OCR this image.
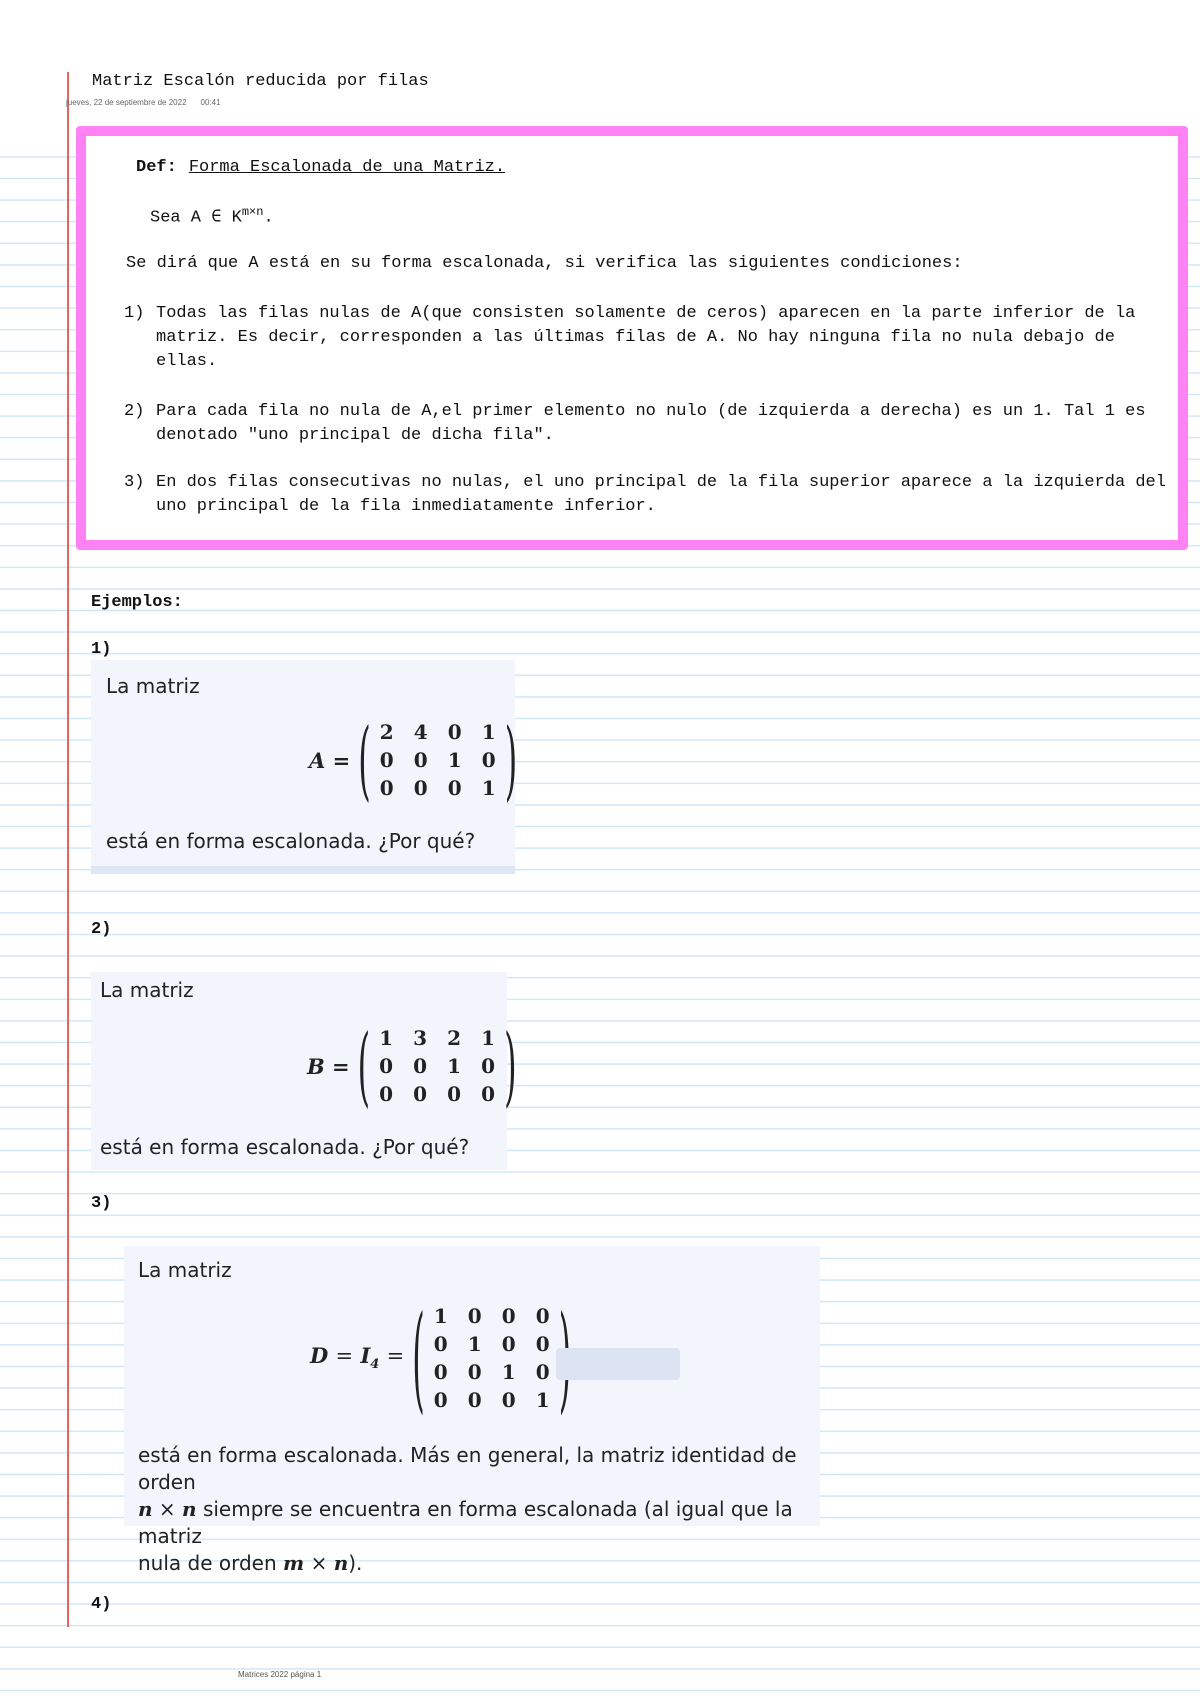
Matriz Escalón reducida por filas
jueves, 22 de septiembre de 2022 00:41
Def: Forma Escalonada de una Matriz.
Sea A ∈ $K^{m\times n}$.
Se dirá que A está en su forma escalonada, si verifica las siguientes condiciones:
1) Todas las filas nulas de A(que consisten solamente de ceros) aparecen en la parte inferior de la matriz. Es decir, corresponden a las últimas filas de A. No hay ninguna fila no nula debajo de ellas.
2) Para cada fila no nula de A,el primer elemento no nulo (de izquierda a derecha) es un 1. Tal 1 es denotado "uno principal de dicha fila".
3) En dos filas consecutivas no nulas, el uno principal de la fila superior aparece a la izquierda del uno principal de la fila inmediatamente inferior.
Ejemplos:
1)
La matriz
A = ( 2	4	0	1
0	0	1	0
0	0	0	1 )
está en forma escalonada. ¿Por qué?
2)
La matriz
B = ( 1	3	2	1
0	0	1	0
0	0	0	0 )
está en forma escalonada. ¿Por qué?
3)
La matriz
$D = I_4$ = ( 1	0	0	0
0	1	0	0
0	0	1	0
0	0	0	1
está en forma escalonada. Más en general, la matriz identidad de orden
n × n siempre se encuentra en forma escalonada (al igual que la matriz
nula de orden m × n).
4)
Matrices 2022 página 1
